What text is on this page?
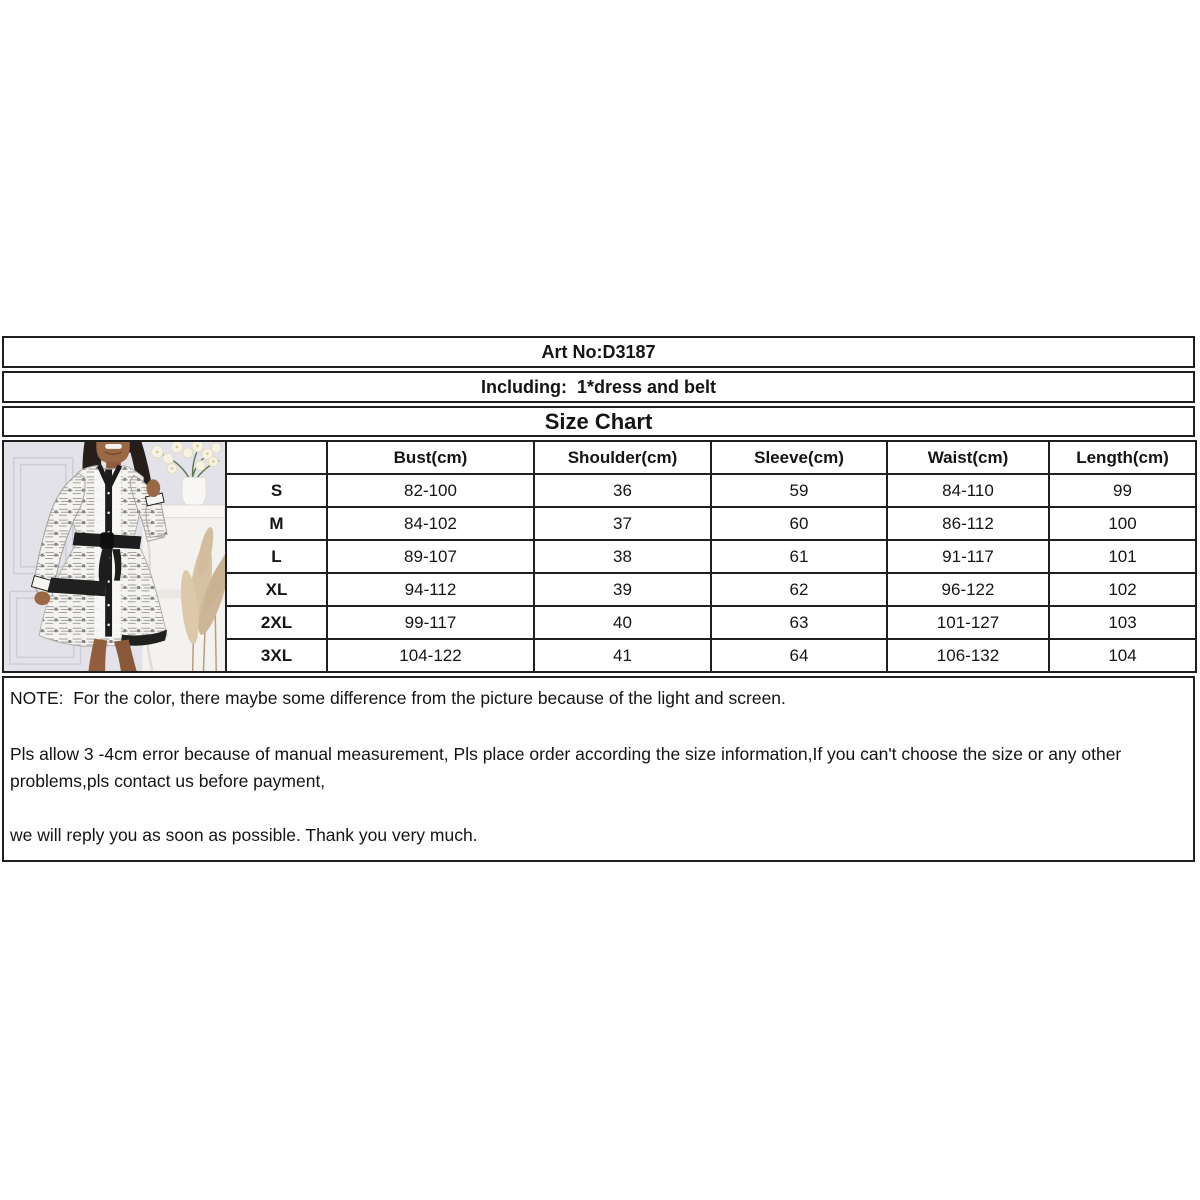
Art No:D3187
Including:  1*dress and belt
Size Chart
	Bust(cm)	Shoulder(cm)	Sleeve(cm)	Waist(cm)	Length(cm)
S	82-100	36	59	84-110	99
M	84-102	37	60	86-112	100
L	89-107	38	61	91-117	101
XL	94-112	39	62	96-122	102
2XL	99-117	40	63	101-127	103
3XL	104-122	41	64	106-132	104

NOTE:  For the color, there maybe some difference from the picture because of the light and screen.

Pls allow 3 -4cm error because of manual measurement, Pls place order according the size information,If you can't choose the size or any other problems,pls contact us before payment,

we will reply you as soon as possible. Thank you very much.
